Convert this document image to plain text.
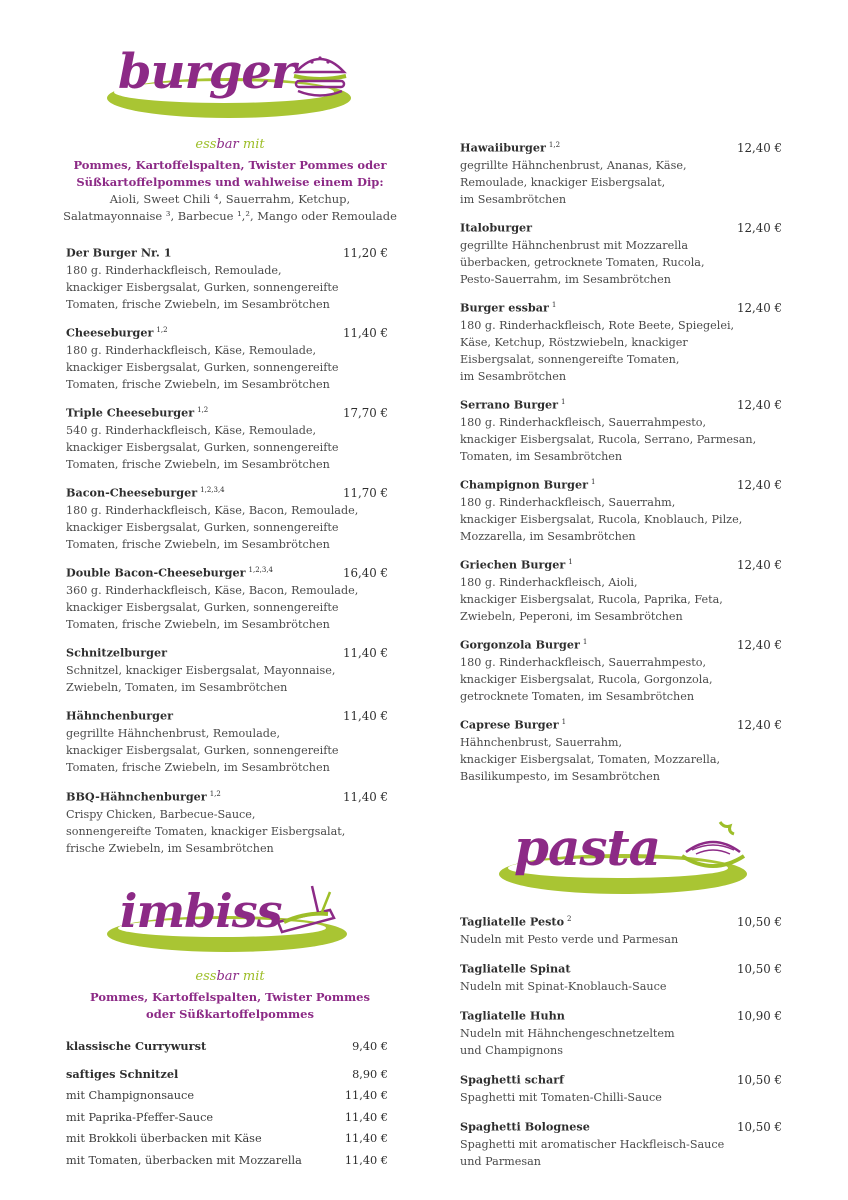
burger
essbar mit
Pommes, Kartoffelspalten, Twister Pommes oder
Süßkartoffelpommes und wahlweise einem Dip:
Aioli, Sweet Chili ⁴, Sauerrahm, Ketchup,
Salatmayonnaise ³, Barbecue ¹,², Mango oder Remoulade
Der Burger Nr. 1	11,20 €
180 g. Rinderhackfleisch, Remoulade,
knackiger Eisbergsalat, Gurken, sonnengereifte
Tomaten, frische Zwiebeln, im Sesambrötchen
Cheeseburger $^{1,2}$	11,40 €
180 g. Rinderhackfleisch, Käse, Remoulade,
knackiger Eisbergsalat, Gurken, sonnengereifte
Tomaten, frische Zwiebeln, im Sesambrötchen
Triple Cheeseburger $^{1,2}$	17,70 €
540 g. Rinderhackfleisch, Käse, Remoulade,
knackiger Eisbergsalat, Gurken, sonnengereifte
Tomaten, frische Zwiebeln, im Sesambrötchen
Bacon-Cheeseburger $^{1,2,3,4}$	11,70 €
180 g. Rinderhackfleisch, Käse, Bacon, Remoulade,
knackiger Eisbergsalat, Gurken, sonnengereifte
Tomaten, frische Zwiebeln, im Sesambrötchen
Double Bacon-Cheeseburger $^{1,2,3,4}$	16,40 €
360 g. Rinderhackfleisch, Käse, Bacon, Remoulade,
knackiger Eisbergsalat, Gurken, sonnengereifte
Tomaten, frische Zwiebeln, im Sesambrötchen
Schnitzelburger	11,40 €
Schnitzel, knackiger Eisbergsalat, Mayonnaise,
Zwiebeln, Tomaten, im Sesambrötchen
Hähnchenburger	11,40 €
gegrillte Hähnchenbrust, Remoulade,
knackiger Eisbergsalat, Gurken, sonnengereifte
Tomaten, frische Zwiebeln, im Sesambrötchen
BBQ-Hähnchenburger $^{1,2}$	11,40 €
Crispy Chicken, Barbecue-Sauce,
sonnengereifte Tomaten, knackiger Eisbergsalat,
frische Zwiebeln, im Sesambrötchen
Hawaiiburger $^{1,2}$	12,40 €
gegrillte Hähnchenbrust, Ananas, Käse,
Remoulade, knackiger Eisbergsalat,
im Sesambrötchen
Italoburger	12,40 €
gegrillte Hähnchenbrust mit Mozzarella
überbacken, getrocknete Tomaten, Rucola,
Pesto-Sauerrahm, im Sesambrötchen
Burger essbar $^1$	12,40 €
180 g. Rinderhackfleisch, Rote Beete, Spiegelei,
Käse, Ketchup, Röstzwiebeln, knackiger
Eisbergsalat, sonnengereifte Tomaten,
im Sesambrötchen
Serrano Burger $^1$	12,40 €
180 g. Rinderhackfleisch, Sauerrahmpesto,
knackiger Eisbergsalat, Rucola, Serrano, Parmesan,
Tomaten, im Sesambrötchen
Champignon Burger $^1$	12,40 €
180 g. Rinderhackfleisch, Sauerrahm,
knackiger Eisbergsalat, Rucola, Knoblauch, Pilze,
Mozzarella, im Sesambrötchen
Griechen Burger $^1$	12,40 €
180 g. Rinderhackfleisch, Aioli,
knackiger Eisbergsalat, Rucola, Paprika, Feta,
Zwiebeln, Peperoni, im Sesambrötchen
Gorgonzola Burger $^1$	12,40 €
180 g. Rinderhackfleisch, Sauerrahmpesto,
knackiger Eisbergsalat, Rucola, Gorgonzola,
getrocknete Tomaten, im Sesambrötchen
Caprese Burger $^1$	12,40 €
Hähnchenbrust, Sauerrahm,
knackiger Eisbergsalat, Tomaten, Mozzarella,
Basilikumpesto, im Sesambrötchen
imbiss
essbar mit
Pommes, Kartoffelspalten, Twister Pommes
oder Süßkartoffelpommes
klassische Currywurst	9,40 €
saftiges Schnitzel	8,90 €
mit Champignonsauce	11,40 €
mit Paprika-Pfeffer-Sauce	11,40 €
mit Brokkoli überbacken mit Käse	11,40 €
mit Tomaten, überbacken mit Mozzarella	11,40 €
pasta
Tagliatelle Pesto $^2$	10,50 €
Nudeln mit Pesto verde und Parmesan
Tagliatelle Spinat	10,50 €
Nudeln mit Spinat-Knoblauch-Sauce
Tagliatelle Huhn	10,90 €
Nudeln mit Hähnchengeschnetzeltem
und Champignons
Spaghetti scharf	10,50 €
Spaghetti mit Tomaten-Chilli-Sauce
Spaghetti Bolognese	10,50 €
Spaghetti mit aromatischer Hackfleisch-Sauce
und Parmesan
